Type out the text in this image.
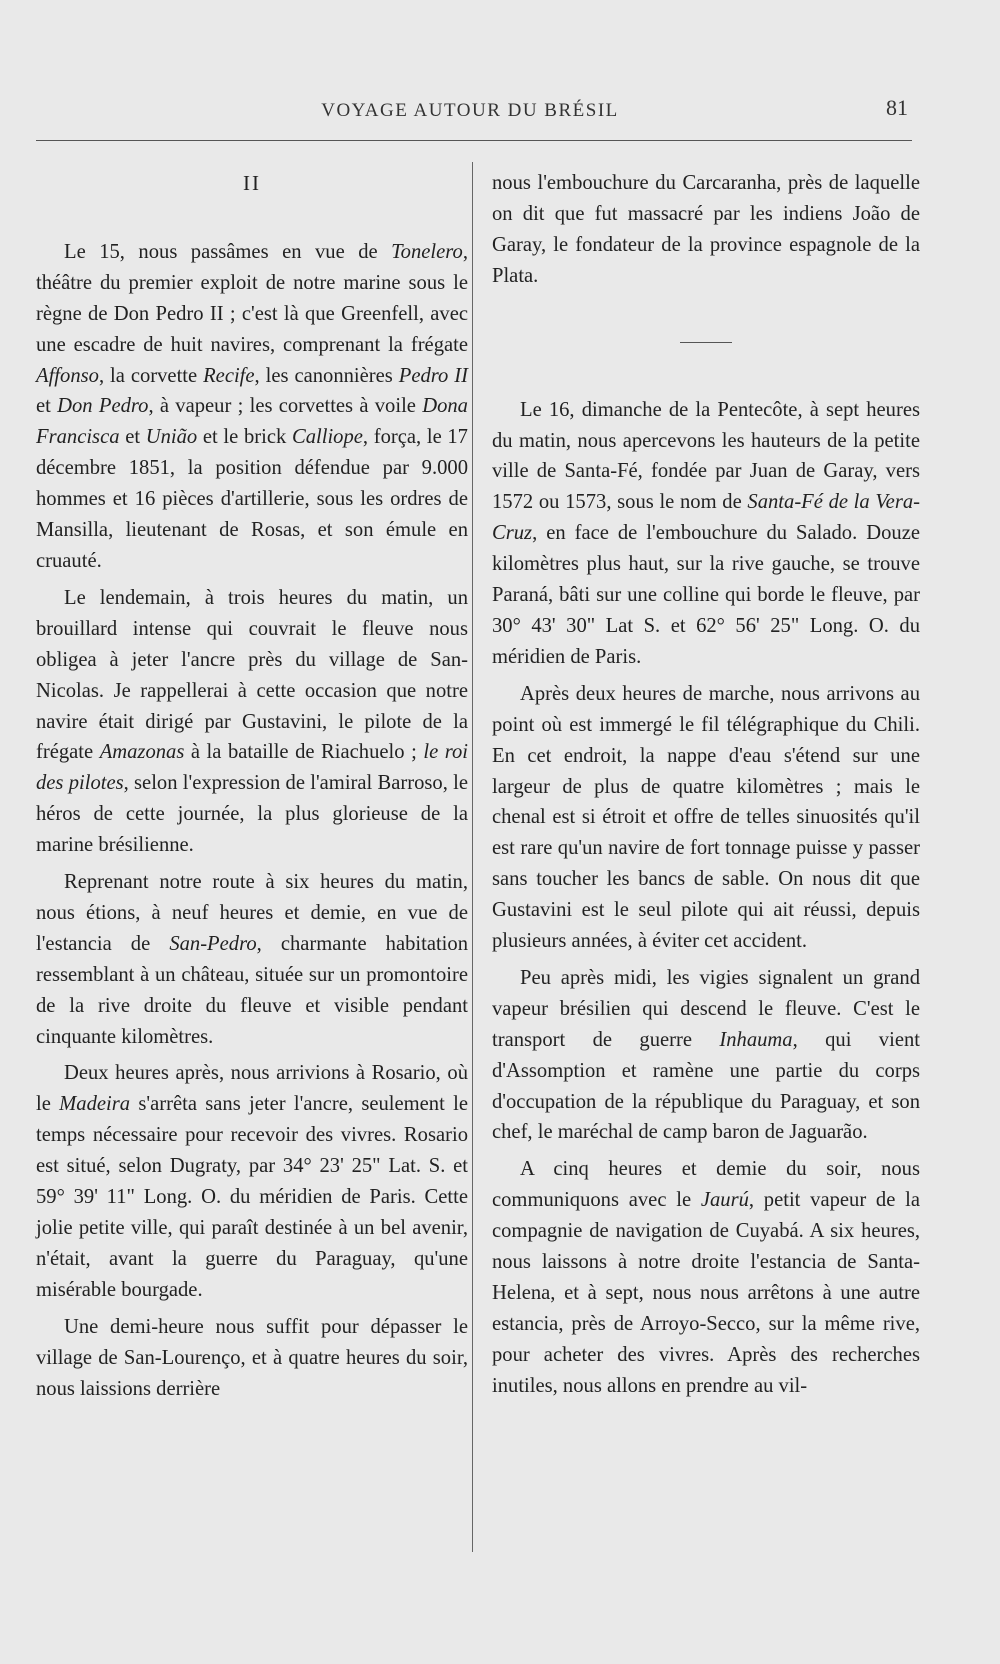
VOYAGE AUTOUR DU BRÉSIL	81
II

Le 15, nous passâmes en vue de Tonelero, théâtre du premier exploit de notre marine sous le règne de Don Pedro II ; c'est là que Greenfell, avec une escadre de huit navires, comprenant la frégate Affonso, la corvette Recife, les canonnières Pedro II et Don Pedro, à vapeur ; les corvettes à voile Dona Francisca et União et le brick Calliope, força, le 17 décembre 1851, la position défendue par 9.000 hommes et 16 pièces d'artillerie, sous les ordres de Mansilla, lieutenant de Rosas, et son émule en cruauté.

Le lendemain, à trois heures du matin, un brouillard intense qui couvrait le fleuve nous obligea à jeter l'ancre près du village de San-Nicolas. Je rappellerai à cette occasion que notre navire était dirigé par Gustavini, le pilote de la frégate Amazonas à la bataille de Riachuelo ; le roi des pilotes, selon l'expression de l'amiral Barroso, le héros de cette journée, la plus glorieuse de la marine brésilienne.

Reprenant notre route à six heures du matin, nous étions, à neuf heures et demie, en vue de l'estancia de San-Pedro, charmante habitation ressemblant à un château, située sur un promontoire de la rive droite du fleuve et visible pendant cinquante kilomètres.

Deux heures après, nous arrivions à Rosario, où le Madeira s'arrêta sans jeter l'ancre, seulement le temps nécessaire pour recevoir des vivres. Rosario est situé, selon Dugraty, par 34° 23' 25" Lat. S. et 59° 39' 11" Long. O. du méridien de Paris. Cette jolie petite ville, qui paraît destinée à un bel avenir, n'était, avant la guerre du Paraguay, qu'une misérable bourgade.

Une demi-heure nous suffit pour dépasser le village de San-Lourenço, et à quatre heures du soir, nous laissions derrière

nous l'embouchure du Carcaranha, près de laquelle on dit que fut massacré par les indiens João de Garay, le fondateur de la province espagnole de la Plata.

Le 16, dimanche de la Pentecôte, à sept heures du matin, nous apercevons les hauteurs de la petite ville de Santa-Fé, fondée par Juan de Garay, vers 1572 ou 1573, sous le nom de Santa-Fé de la Vera-Cruz, en face de l'embouchure du Salado. Douze kilomètres plus haut, sur la rive gauche, se trouve Paraná, bâti sur une colline qui borde le fleuve, par 30° 43' 30" Lat S. et 62° 56' 25" Long. O. du méridien de Paris.

Après deux heures de marche, nous arrivons au point où est immergé le fil télégraphique du Chili. En cet endroit, la nappe d'eau s'étend sur une largeur de plus de quatre kilomètres ; mais le chenal est si étroit et offre de telles sinuosités qu'il est rare qu'un navire de fort tonnage puisse y passer sans toucher les bancs de sable. On nous dit que Gustavini est le seul pilote qui ait réussi, depuis plusieurs années, à éviter cet accident.

Peu après midi, les vigies signalent un grand vapeur brésilien qui descend le fleuve. C'est le transport de guerre Inhauma, qui vient d'Assomption et ramène une partie du corps d'occupation de la république du Paraguay, et son chef, le maréchal de camp baron de Jaguarão.

A cinq heures et demie du soir, nous communiquons avec le Jaurú, petit vapeur de la compagnie de navigation de Cuyabá. A six heures, nous laissons à notre droite l'estancia de Santa-Helena, et à sept, nous nous arrêtons à une autre estancia, près de Arroyo-Secco, sur la même rive, pour acheter des vivres. Après des recherches inutiles, nous allons en prendre au vil-
